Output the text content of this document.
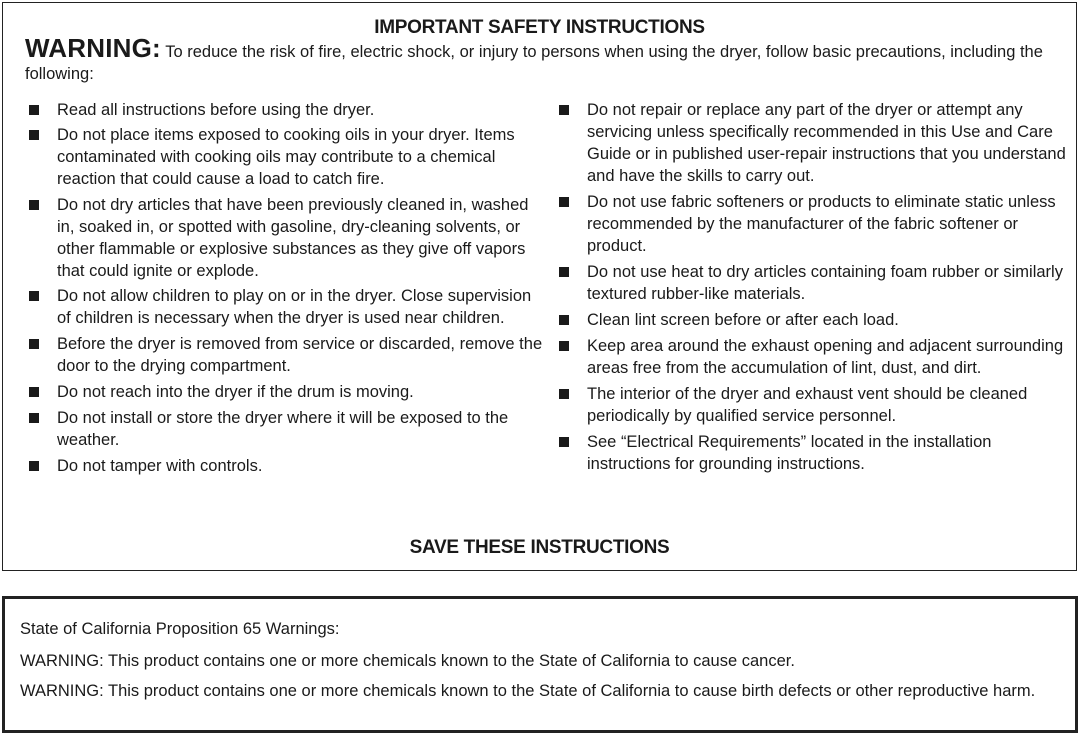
IMPORTANT SAFETY INSTRUCTIONS
WARNING: To reduce the risk of fire, electric shock, or injury to persons when using the dryer, follow basic precautions, including the following:
Read all instructions before using the dryer.
Do not place items exposed to cooking oils in your dryer. Items contaminated with cooking oils may contribute to a chemical reaction that could cause a load to catch fire.
Do not dry articles that have been previously cleaned in, washed in, soaked in, or spotted with gasoline, dry-cleaning solvents, or other flammable or explosive substances as they give off vapors that could ignite or explode.
Do not allow children to play on or in the dryer. Close supervision of children is necessary when the dryer is used near children.
Before the dryer is removed from service or discarded, remove the door to the drying compartment.
Do not reach into the dryer if the drum is moving.
Do not install or store the dryer where it will be exposed to the weather.
Do not tamper with controls.
Do not repair or replace any part of the dryer or attempt any servicing unless specifically recommended in this Use and Care Guide or in published user-repair instructions that you understand and have the skills to carry out.
Do not use fabric softeners or products to eliminate static unless recommended by the manufacturer of the fabric softener or product.
Do not use heat to dry articles containing foam rubber or similarly textured rubber-like materials.
Clean lint screen before or after each load.
Keep area around the exhaust opening and adjacent surrounding areas free from the accumulation of lint, dust, and dirt.
The interior of the dryer and exhaust vent should be cleaned periodically by qualified service personnel.
See “Electrical Requirements” located in the installation instructions for grounding instructions.
SAVE THESE INSTRUCTIONS
State of California Proposition 65 Warnings:
WARNING: This product contains one or more chemicals known to the State of California to cause cancer.
WARNING: This product contains one or more chemicals known to the State of California to cause birth defects or other reproductive harm.
